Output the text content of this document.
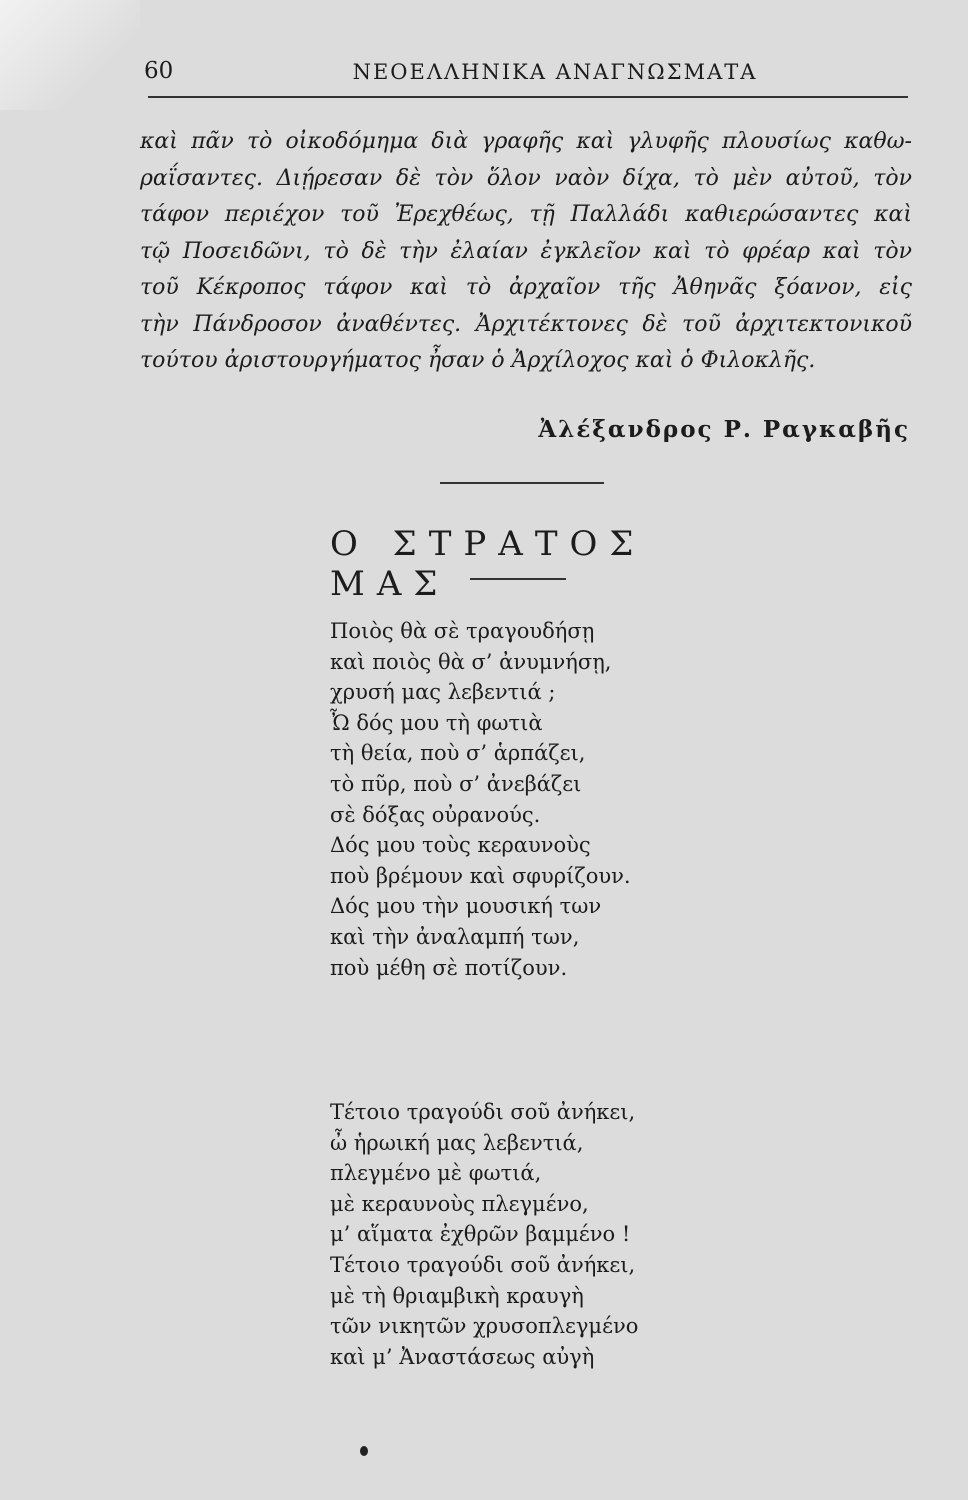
60	ΝΕΟΕΛΛΗΝΙΚΑ ΑΝΑΓΝΩΣΜΑΤΑ
καὶ πᾶν τὸ οἰκοδόμημα διὰ γραφῆς καὶ γλυφῆς πλουσίως καθω-
ραΐσαντες. Διῄρεσαν δὲ τὸν ὅλον ναὸν δίχα, τὸ μὲν αὐτοῦ, τὸν
τάφον περιέχον τοῦ Ἐρεχθέως, τῇ Παλλάδι καθιερώσαντες καὶ
τῷ Ποσειδῶνι, τὸ δὲ τὴν ἐλαίαν ἐγκλεῖον καὶ τὸ φρέαρ καὶ τὸν
τοῦ Κέκροπος τάφον καὶ τὸ ἀρχαῖον τῆς Ἀθηνᾶς ξόανον, εἰς
τὴν Πάνδροσον ἀναθέντες. Ἀρχιτέκτονες δὲ τοῦ ἀρχιτεκτονικοῦ
τούτου ἀριστουργήματος ἦσαν ὁ Ἀρχίλοχος καὶ ὁ Φιλοκλῆς.
Ἀλέξανδρος Ρ. Ραγκαβῆς
Ο ΣΤΡΑΤΟΣ ΜΑΣ
Ποιὸς θὰ σὲ τραγουδήσῃ
καὶ ποιὸς θὰ σ’ ἀνυμνήσῃ,
χρυσή μας λεβεντιά ;
Ὦ δός μου τὴ φωτιὰ
τὴ θεία, ποὺ σ’ ἁρπάζει,
τὸ πῦρ, ποὺ σ’ ἀνεβάζει
σὲ δόξας οὐρανούς.
Δός μου τοὺς κεραυνοὺς
ποὺ βρέμουν καὶ σφυρίζουν.
Δός μου τὴν μουσική των
καὶ τὴν ἀναλαμπή των,
ποὺ μέθη σὲ ποτίζουν.
Τέτοιο τραγούδι σοῦ ἀνήκει,
ὦ ἡρωική μας λεβεντιά,
πλεγμένο μὲ φωτιά,
μὲ κεραυνοὺς πλεγμένο,
μ’ αἵματα ἐχθρῶν βαμμένο !
Τέτοιο τραγούδι σοῦ ἀνήκει,
μὲ τὴ θριαμβικὴ κραυγὴ
τῶν νικητῶν χρυσοπλεγμένο
καὶ μ’ Ἀναστάσεως αὐγὴ
